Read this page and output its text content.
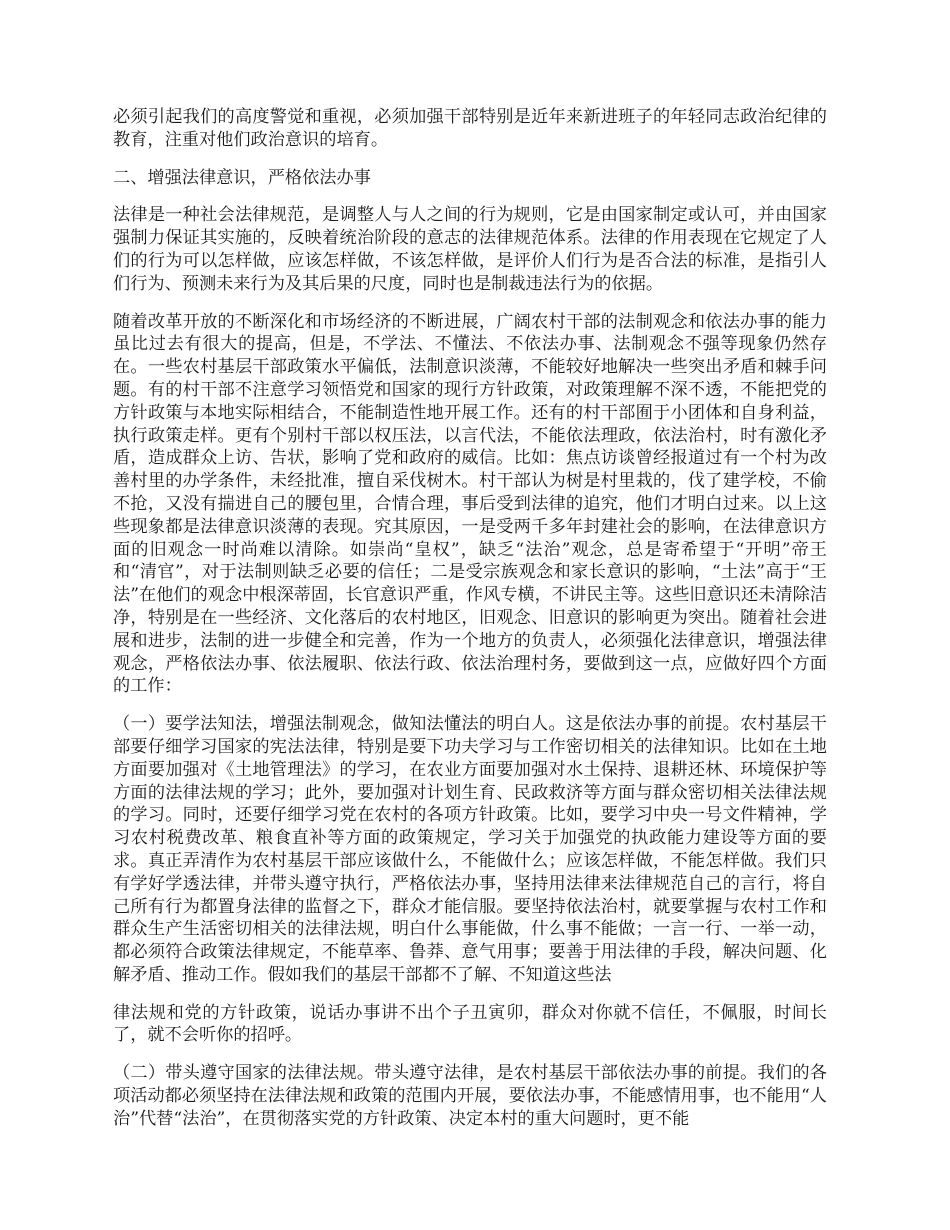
必须引起我们的高度警觉和重视，必须加强干部特别是近年来新进班子的年轻同志政治纪律的教育，注重对他们政治意识的培育。

二、增强法律意识，严格依法办事

法律是一种社会法律规范，是调整人与人之间的行为规则，它是由国家制定或认可，并由国家强制力保证其实施的，反映着统治阶段的意志的法律规范体系。法律的作用表现在它规定了人们的行为可以怎样做，应该怎样做，不该怎样做，是评价人们行为是否合法的标准，是指引人们行为、预测未来行为及其后果的尺度，同时也是制裁违法行为的依据。

随着改革开放的不断深化和市场经济的不断进展，广阔农村干部的法制观念和依法办事的能力虽比过去有很大的提高，但是，不学法、不懂法、不依法办事、法制观念不强等现象仍然存在。一些农村基层干部政策水平偏低，法制意识淡薄，不能较好地解决一些突出矛盾和棘手问题。有的村干部不注意学习领悟党和国家的现行方针政策，对政策理解不深不透，不能把党的方针政策与本地实际相结合，不能制造性地开展工作。还有的村干部囿于小团体和自身利益，执行政策走样。更有个别村干部以权压法，以言代法，不能依法理政，依法治村，时有激化矛盾，造成群众上访、告状，影响了党和政府的威信。比如：焦点访谈曾经报道过有一个村为改善村里的办学条件，未经批准，擅自采伐树木。村干部认为树是村里栽的，伐了建学校，不偷不抢，又没有揣进自己的腰包里，合情合理，事后受到法律的追究，他们才明白过来。以上这些现象都是法律意识淡薄的表现。究其原因，一是受两千多年封建社会的影响，在法律意识方面的旧观念一时尚难以清除。如崇尚“皇权”，缺乏“法治”观念，总是寄希望于“开明”帝王和“清官”，对于法制则缺乏必要的信任；二是受宗族观念和家长意识的影响，“土法”高于“王法”在他们的观念中根深蒂固，长官意识严重，作风专横，不讲民主等。这些旧意识还未清除洁净，特别是在一些经济、文化落后的农村地区，旧观念、旧意识的影响更为突出。随着社会进展和进步，法制的进一步健全和完善，作为一个地方的负责人，必须强化法律意识，增强法律观念，严格依法办事、依法履职、依法行政、依法治理村务，要做到这一点，应做好四个方面的工作：

（一）要学法知法，增强法制观念，做知法懂法的明白人。这是依法办事的前提。农村基层干部要仔细学习国家的宪法法律，特别是要下功夫学习与工作密切相关的法律知识。比如在土地方面要加强对《土地管理法》的学习，在农业方面要加强对水土保持、退耕还林、环境保护等方面的法律法规的学习；此外，要加强对计划生育、民政救济等方面与群众密切相关法律法规的学习。同时，还要仔细学习党在农村的各项方针政策。比如，要学习中央一号文件精神，学习农村税费改革、粮食直补等方面的政策规定，学习关于加强党的执政能力建设等方面的要求。真正弄清作为农村基层干部应该做什么，不能做什么；应该怎样做，不能怎样做。我们只有学好学透法律，并带头遵守执行，严格依法办事，坚持用法律来法律规范自己的言行，将自己所有行为都置身法律的监督之下，群众才能信服。要坚持依法治村，就要掌握与农村工作和群众生产生活密切相关的法律法规，明白什么事能做，什么事不能做；一言一行、一举一动，都必须符合政策法律规定，不能草率、鲁莽、意气用事；要善于用法律的手段，解决问题、化解矛盾、推动工作。假如我们的基层干部都不了解、不知道这些法

律法规和党的方针政策，说话办事讲不出个子丑寅卯，群众对你就不信任，不佩服，时间长了，就不会听你的招呼。

（二）带头遵守国家的法律法规。带头遵守法律，是农村基层干部依法办事的前提。我们的各项活动都必须坚持在法律法规和政策的范围内开展，要依法办事，不能感情用事，也不能用“人治”代替“法治”，在贯彻落实党的方针政策、决定本村的重大问题时，更不能
